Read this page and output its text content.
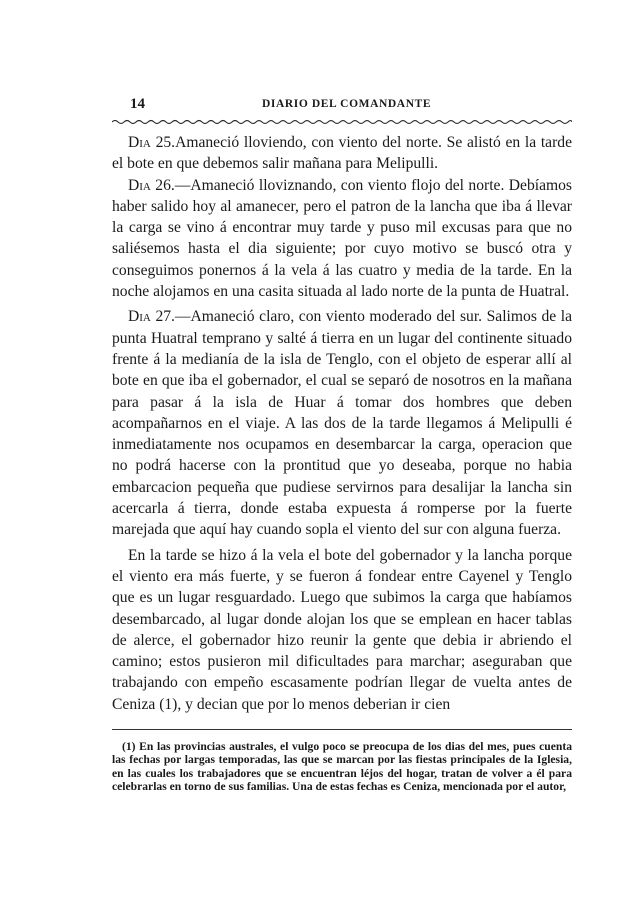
14	DIARIO DEL COMANDANTE

Dia 25.Amaneció lloviendo, con viento del norte. Se alistó en la tarde el bote en que debemos salir mañana para Melipulli.

Dia 26.—Amaneció lloviznando, con viento flojo del norte. Debíamos haber salido hoy al amanecer, pero el patron de la lancha que iba á llevar la carga se vino á encontrar muy tarde y puso mil excusas para que no saliésemos hasta el dia siguiente; por cuyo motivo se buscó otra y conseguimos ponernos á la vela á las cuatro y media de la tarde. En la noche alojamos en una casita situada al lado norte de la punta de Huatral.

Dia 27.—Amaneció claro, con viento moderado del sur. Salimos de la punta Huatral temprano y salté á tierra en un lugar del continente situado frente á la medianía de la isla de Tenglo, con el objeto de esperar allí al bote en que iba el gobernador, el cual se separó de nosotros en la mañana para pasar á la isla de Huar á tomar dos hombres que deben acompañarnos en el viaje. A las dos de la tarde llegamos á Melipulli é inmediatamente nos ocupamos en desembarcar la carga, operacion que no podrá hacerse con la prontitud que yo deseaba, porque no habia embarcacion pequeña que pudiese servirnos para desalijar la lancha sin acercarla á tierra, donde estaba expuesta á romperse por la fuerte marejada que aquí hay cuando sopla el viento del sur con alguna fuerza.

En la tarde se hizo á la vela el bote del gobernador y la lancha porque el viento era más fuerte, y se fueron á fondear entre Cayenel y Tenglo que es un lugar resguardado. Luego que subimos la carga que habíamos desembarcado, al lugar donde alojan los que se emplean en hacer tablas de alerce, el gobernador hizo reunir la gente que debia ir abriendo el camino; estos pusieron mil dificultades para marchar; aseguraban que trabajando con empeño escasamente podrían llegar de vuelta antes de Ceniza (1), y decian que por lo menos deberian ir cien

(1) En las provincias australes, el vulgo poco se preocupa de los dias del mes, pues cuenta las fechas por largas temporadas, las que se marcan por las fiestas principales de la Iglesia, en las cuales los trabajadores que se encuentran léjos del hogar, tratan de volver a él para celebrarlas en torno de sus familias. Una de estas fechas es Ceniza, mencionada por el autor,
